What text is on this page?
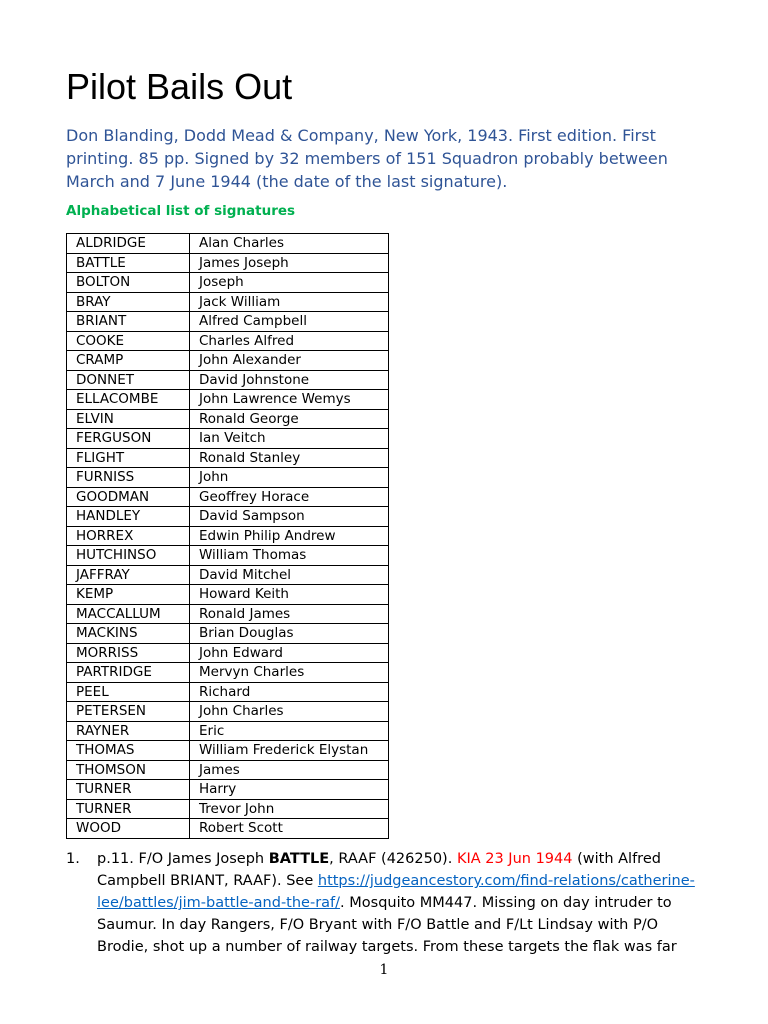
Pilot Bails Out

Don Blanding, Dodd Mead & Company, New York, 1943. First edition. First printing. 85 pp. Signed by 32 members of 151 Squadron probably between March and 7 June 1944 (the date of the last signature).

Alphabetical list of signatures

ALDRIDGE	Alan Charles
BATTLE	James Joseph
BOLTON	Joseph
BRAY	Jack William
BRIANT	Alfred Campbell
COOKE	Charles Alfred
CRAMP	John Alexander
DONNET	David Johnstone
ELLACOMBE	John Lawrence Wemys
ELVIN	Ronald George
FERGUSON	Ian Veitch
FLIGHT	Ronald Stanley
FURNISS	John
GOODMAN	Geoffrey Horace
HANDLEY	David Sampson
HORREX	Edwin Philip Andrew
HUTCHINSO	William Thomas
JAFFRAY	David Mitchel
KEMP	Howard Keith
MACCALLUM	Ronald James
MACKINS	Brian Douglas
MORRISS	John Edward
PARTRIDGE	Mervyn Charles
PEEL	Richard
PETERSEN	John Charles
RAYNER	Eric
THOMAS	William Frederick Elystan
THOMSON	James
TURNER	Harry
TURNER	Trevor John
WOOD	Robert Scott
1. p.11. F/O James Joseph BATTLE, RAAF (426250). KIA 23 Jun 1944 (with Alfred Campbell BRIANT, RAAF). See https://judgeancestory.com/find-relations/catherine-lee/battles/jim-battle-and-the-raf/. Mosquito MM447. Missing on day intruder to Saumur. In day Rangers, F/O Bryant with F/O Battle and F/Lt Lindsay with P/O Brodie, shot up a number of railway targets. From these targets the flak was far
1
